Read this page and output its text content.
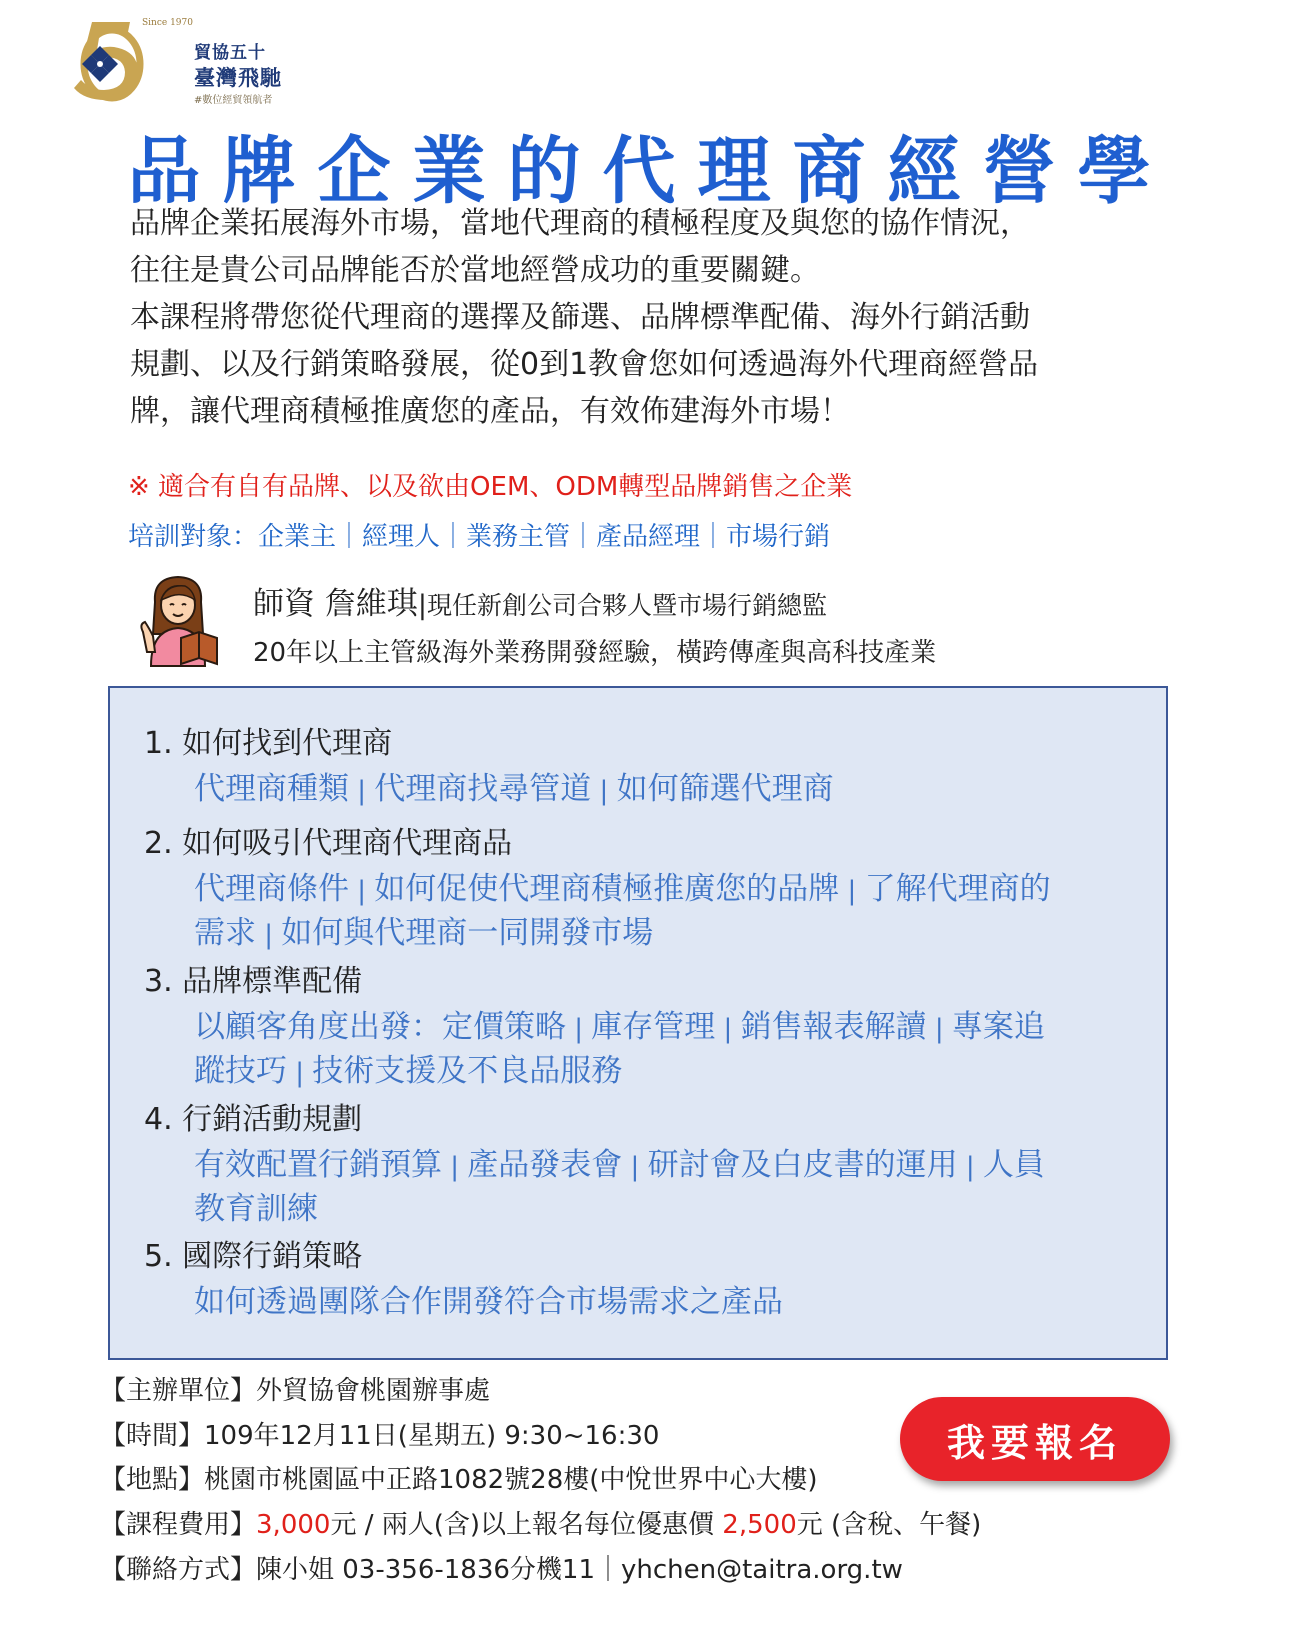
Since 1970
貿協五十
臺灣飛馳
#數位經貿領航者
品牌企業的代理商經營學

品牌企業拓展海外市場，當地代理商的積極程度及與您的協作情況，

往往是貴公司品牌能否於當地經營成功的重要關鍵。

本課程將帶您從代理商的選擇及篩選、品牌標準配備、海外行銷活動

規劃、以及行銷策略發展，從0到1教會您如何透過海外代理商經營品

牌，讓代理商積極推廣您的產品，有效佈建海外市場！

※ 適合有自有品牌、以及欲由OEM、ODM轉型品牌銷售之企業
培訓對象：企業主｜經理人｜業務主管｜產品經理｜市場行銷
師資 詹維琪|現任新創公司合夥人暨市場行銷總監
20年以上主管級海外業務開發經驗，橫跨傳產與高科技產業
1. 如何找到代理商
代理商種類 | 代理商找尋管道 | 如何篩選代理商
2. 如何吸引代理商代理商品
代理商條件 | 如何促使代理商積極推廣您的品牌 | 了解代理商的
需求 | 如何與代理商一同開發市場
3. 品牌標準配備
以顧客角度出發：定價策略 | 庫存管理 | 銷售報表解讀 | 專案追
蹤技巧 | 技術支援及不良品服務
4. 行銷活動規劃
有效配置行銷預算 | 產品發表會 | 研討會及白皮書的運用 | 人員
教育訓練
5. 國際行銷策略
如何透過團隊合作開發符合市場需求之產品
【主辦單位】外貿協會桃園辦事處
【時間】109年12月11日(星期五) 9:30~16:30
【地點】桃園市桃園區中正路1082號28樓(中悅世界中心大樓)
【課程費用】3,000元 / 兩人(含)以上報名每位優惠價 2,500元 (含稅、午餐)
【聯絡方式】陳小姐 03-356-1836分機11｜yhchen@taitra.org.tw
我要報名
